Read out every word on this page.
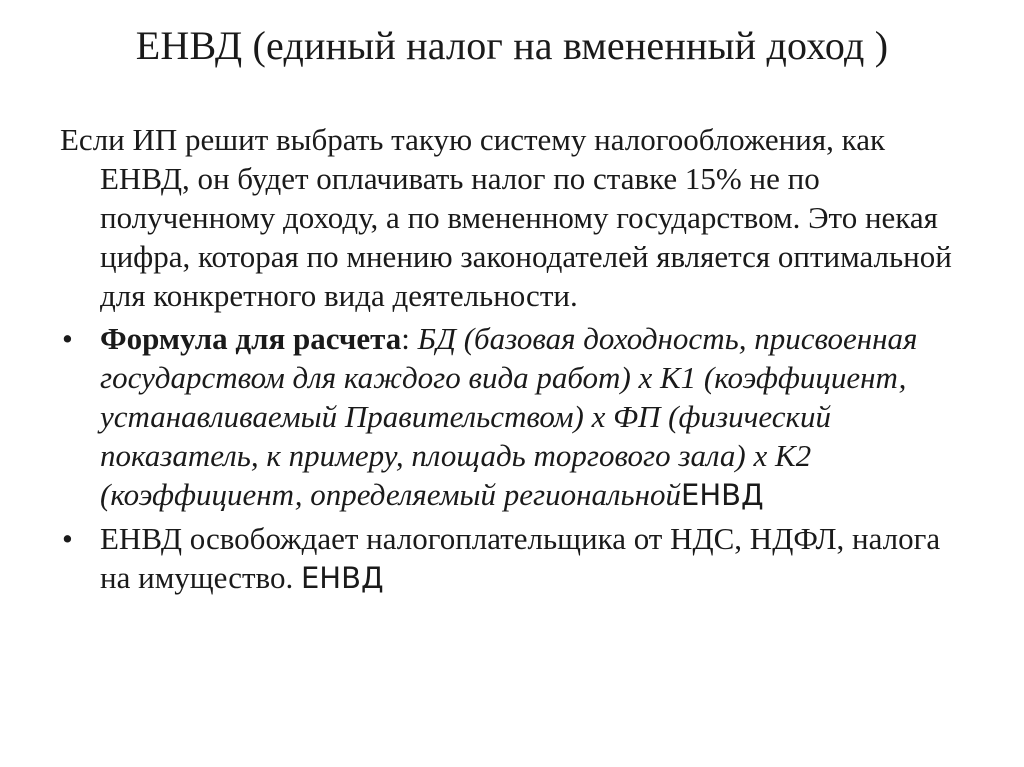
ЕНВД (единый налог на вмененный доход )

Если ИП решит выбрать такую систему налогообложения, как ЕНВД, он будет оплачивать налог по ставке 15% не по полученному доходу, а по вмененному государством. Это некая цифра, которая по мнению законодателей является оптимальной для конкретного вида деятельности.

• Формула для расчета: БД (базовая доходность, присвоенная государством для каждого вида работ) х К1 (коэффициент, устанавливаемый Правительством) х ФП (физический показатель, к примеру, площадь торгового зала) х К2 (коэффициент, определяемый региональнойЕНВД

• ЕНВД освобождает налогоплательщика от НДС, НДФЛ, налога на имущество. ЕНВД
